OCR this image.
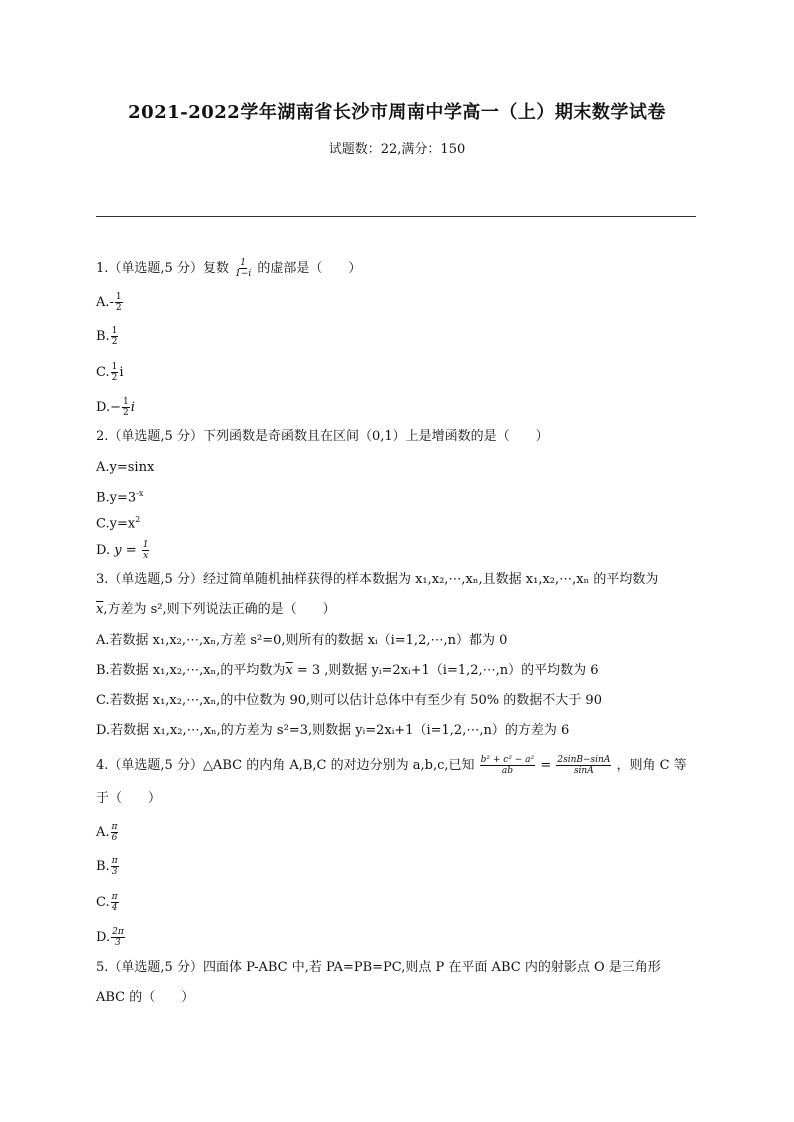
2021-2022学年湖南省长沙市周南中学高一（上）期末数学试卷
试题数：22,满分：150
1.（单选题,5 分）复数 $\frac{1}{1-i}$ 的虚部是（　　）
$A.- \frac{1}{2}$
B. $\frac{1}{2}$
C. $\frac{1}{2}$ i
$D.- \frac{1}{2}$ i
2.（单选题,5 分）下列函数是奇函数且在区间（0,1）上是增函数的是（　　）
A.y=sinx
$B.y=3^{-x}$
$C.y=x^2$
D. $y = \frac{1}{x}$
3.（单选题,5 分）经过简单随机抽样获得的样本数据为 x₁,x₂,⋯,xₙ,且数据 x₁,x₂,⋯,xₙ 的平均数为
$\overline{x}$,方差为 s²,则下列说法正确的是（　　）
A.若数据 x₁,x₂,⋯,xₙ,方差 s²=0,则所有的数据 xᵢ（i=1,2,⋯,n）都为 0
B.若数据 x₁,x₂,⋯,xₙ,的平均数为$\overline{x} = 3$ ,则数据 yᵢ=2xᵢ+1（i=1,2,⋯,n）的平均数为 6
C.若数据 x₁,x₂,⋯,xₙ,的中位数为 90,则可以估计总体中有至少有 50% 的数据不大于 90
D.若数据 x₁,x₂,⋯,xₙ,的方差为 s²=3,则数据 yᵢ=2xᵢ+1（i=1,2,⋯,n）的方差为 6
4.（单选题,5 分）△ABC 的内角 A,B,C 的对边分别为 a,b,c,已知 $\frac{\text{b² + c² − a²}}{ab} = \frac{2\sin B-\sin A}{\sin A}$ ，则角 C 等
于（　　）
A. $\frac{\pi}{6}$
B. $\frac{\pi}{3}$
C. $\frac{\pi}{4}$
D. $\frac{2\pi}{3}$
5.（单选题,5 分）四面体 P-ABC 中,若 PA=PB=PC,则点 P 在平面 ABC 内的射影点 O 是三角形
ABC 的（　　）
